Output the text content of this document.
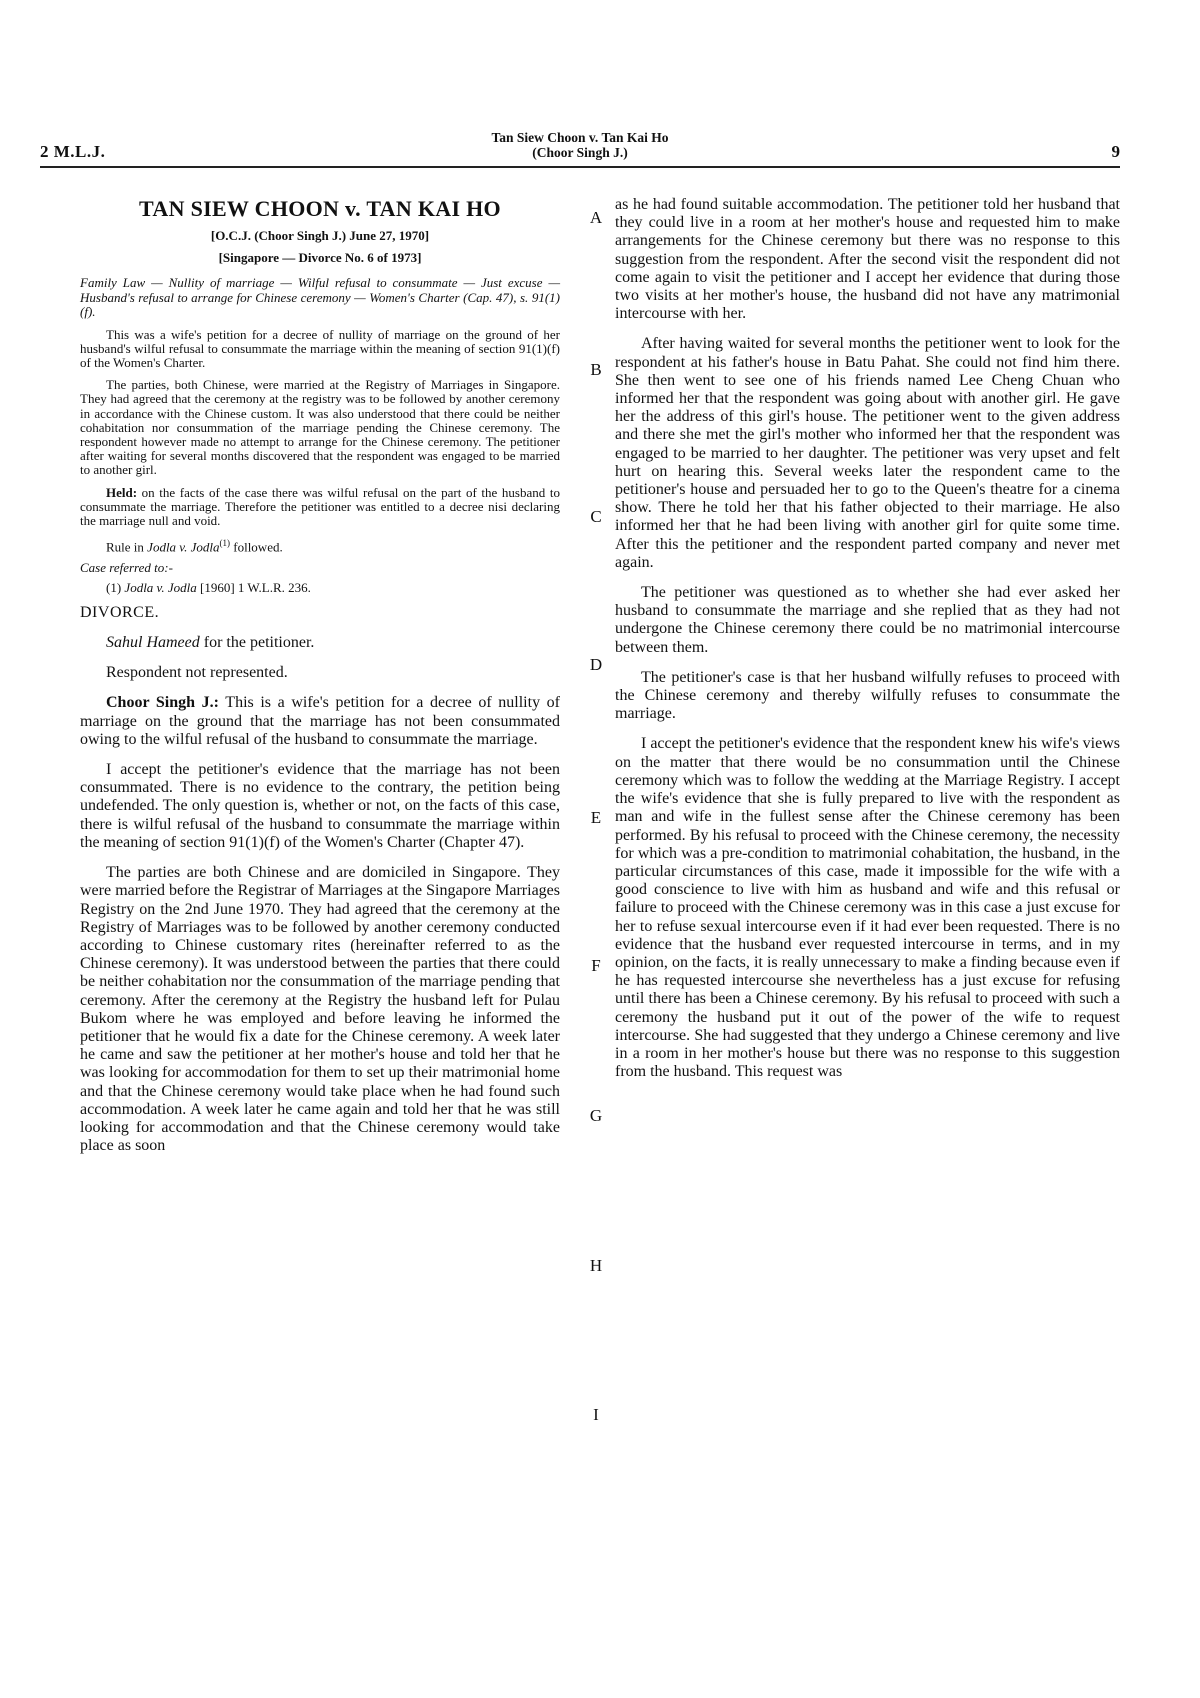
2 M.L.J.
Tan Siew Choon v. Tan Kai Ho
(Choor Singh J.)	9
A
B
C
D
E
F
G
H
I
TAN SIEW CHOON v. TAN KAI HO
[O.C.J. (Choor Singh J.) June 27, 1970]
[Singapore — Divorce No. 6 of 1973]
Family Law — Nullity of marriage — Wilful refusal to consummate — Just excuse — Husband's refusal to arrange for Chinese ceremony — Women's Charter (Cap. 47), s. 91(1)(f).

This was a wife's petition for a decree of nullity of marriage on the ground of her husband's wilful refusal to consummate the marriage within the meaning of section 91(1)(f) of the Women's Charter.

The parties, both Chinese, were married at the Registry of Marriages in Singapore. They had agreed that the ceremony at the registry was to be followed by another ceremony in accordance with the Chinese custom. It was also understood that there could be neither cohabitation nor consummation of the marriage pending the Chinese ceremony. The respondent however made no attempt to arrange for the Chinese ceremony. The petitioner after waiting for several months discovered that the respondent was engaged to be married to another girl.

Held: on the facts of the case there was wilful refusal on the part of the husband to consummate the marriage. Therefore the petitioner was entitled to a decree nisi declaring the marriage null and void.

Rule in Jodla v. Jodla$^{(1)}$ followed.
Case referred to:-
(1) Jodla v. Jodla [1960] 1 W.L.R. 236.
DIVORCE.
Sahul Hameed for the petitioner.
Respondent not represented.

Choor Singh J.: This is a wife's petition for a decree of nullity of marriage on the ground that the marriage has not been consummated owing to the wilful refusal of the husband to consummate the marriage.

I accept the petitioner's evidence that the marriage has not been consummated. There is no evidence to the contrary, the petition being undefended. The only question is, whether or not, on the facts of this case, there is wilful refusal of the husband to consummate the marriage within the meaning of section 91(1)(f) of the Women's Charter (Chapter 47).

The parties are both Chinese and are domiciled in Singapore. They were married before the Registrar of Marriages at the Singapore Marriages Registry on the 2nd June 1970. They had agreed that the ceremony at the Registry of Marriages was to be followed by another ceremony conducted according to Chinese customary rites (hereinafter referred to as the Chinese ceremony). It was understood between the parties that there could be neither cohabitation nor the consummation of the marriage pending that ceremony. After the ceremony at the Registry the husband left for Pulau Bukom where he was employed and before leaving he informed the petitioner that he would fix a date for the Chinese ceremony. A week later he came and saw the petitioner at her mother's house and told her that he was looking for accommodation for them to set up their matrimonial home and that the Chinese ceremony would take place when he had found such accommodation. A week later he came again and told her that he was still looking for accommodation and that the Chinese ceremony would take place as soon

as he had found suitable accommodation. The petitioner told her husband that they could live in a room at her mother's house and requested him to make arrangements for the Chinese ceremony but there was no response to this suggestion from the respondent. After the second visit the respondent did not come again to visit the petitioner and I accept her evidence that during those two visits at her mother's house, the husband did not have any matrimonial intercourse with her.

After having waited for several months the petitioner went to look for the respondent at his father's house in Batu Pahat. She could not find him there. She then went to see one of his friends named Lee Cheng Chuan who informed her that the respondent was going about with another girl. He gave her the address of this girl's house. The petitioner went to the given address and there she met the girl's mother who informed her that the respondent was engaged to be married to her daughter. The petitioner was very upset and felt hurt on hearing this. Several weeks later the respondent came to the petitioner's house and persuaded her to go to the Queen's theatre for a cinema show. There he told her that his father objected to their marriage. He also informed her that he had been living with another girl for quite some time. After this the petitioner and the respondent parted company and never met again.

The petitioner was questioned as to whether she had ever asked her husband to consummate the marriage and she replied that as they had not undergone the Chinese ceremony there could be no matrimonial intercourse between them.

The petitioner's case is that her husband wilfully refuses to proceed with the Chinese ceremony and thereby wilfully refuses to consummate the marriage.

I accept the petitioner's evidence that the respondent knew his wife's views on the matter that there would be no consummation until the Chinese ceremony which was to follow the wedding at the Marriage Registry. I accept the wife's evidence that she is fully prepared to live with the respondent as man and wife in the fullest sense after the Chinese ceremony has been performed. By his refusal to proceed with the Chinese ceremony, the necessity for which was a pre-condition to matrimonial cohabitation, the husband, in the particular circumstances of this case, made it impossible for the wife with a good conscience to live with him as husband and wife and this refusal or failure to proceed with the Chinese ceremony was in this case a just excuse for her to refuse sexual intercourse even if it had ever been requested. There is no evidence that the husband ever requested intercourse in terms, and in my opinion, on the facts, it is really unnecessary to make a finding because even if he has requested intercourse she nevertheless has a just excuse for refusing until there has been a Chinese ceremony. By his refusal to proceed with such a ceremony the husband put it out of the power of the wife to request intercourse. She had suggested that they undergo a Chinese ceremony and live in a room in her mother's house but there was no response to this suggestion from the husband. This request was
